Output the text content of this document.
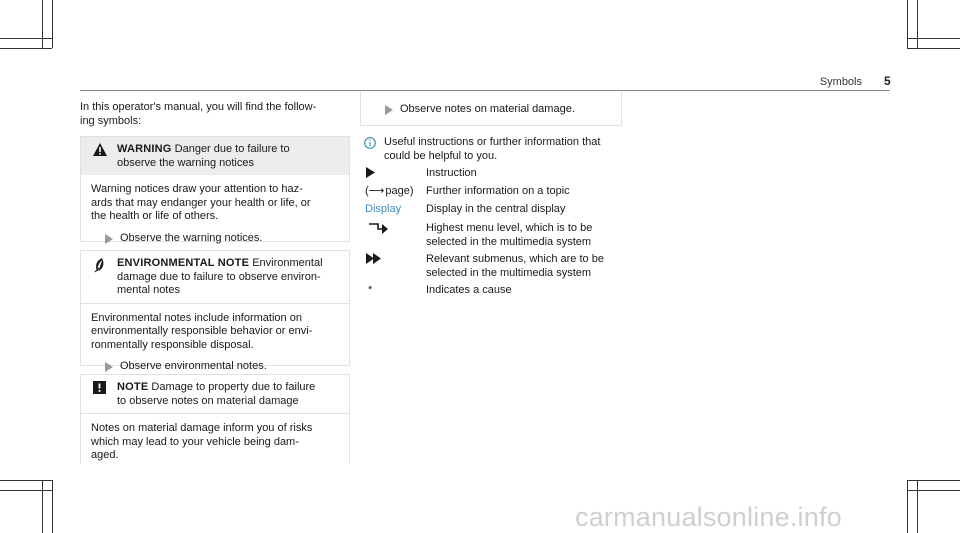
Symbols 5
In this operator's manual, you will find the follow-
ing symbols:
WARNING Danger due to failure to
observe the warning notices
Warning notices draw your attention to haz-
ards that may endanger your health or life, or
the health or life of others.
Observe the warning notices.
ENVIRONMENTAL NOTE Environmental
damage due to failure to observe environ-
mental notes
Environmental notes include information on
environmentally responsible behavior or envi-
ronmentally responsible disposal.
Observe environmental notes.
NOTE Damage to property due to failure
to observe notes on material damage
Notes on material damage inform you of risks
which may lead to your vehicle being dam-
aged.
Observe notes on material damage.
Useful instructions or further information that
could be helpful to you.
Instruction
(⟶ page) Further information on a topic
Display Display in the central display
Highest menu level, which is to be
selected in the multimedia system
Relevant submenus, which are to be
selected in the multimedia system
*	Indicates a cause
carmanualsonline.info
